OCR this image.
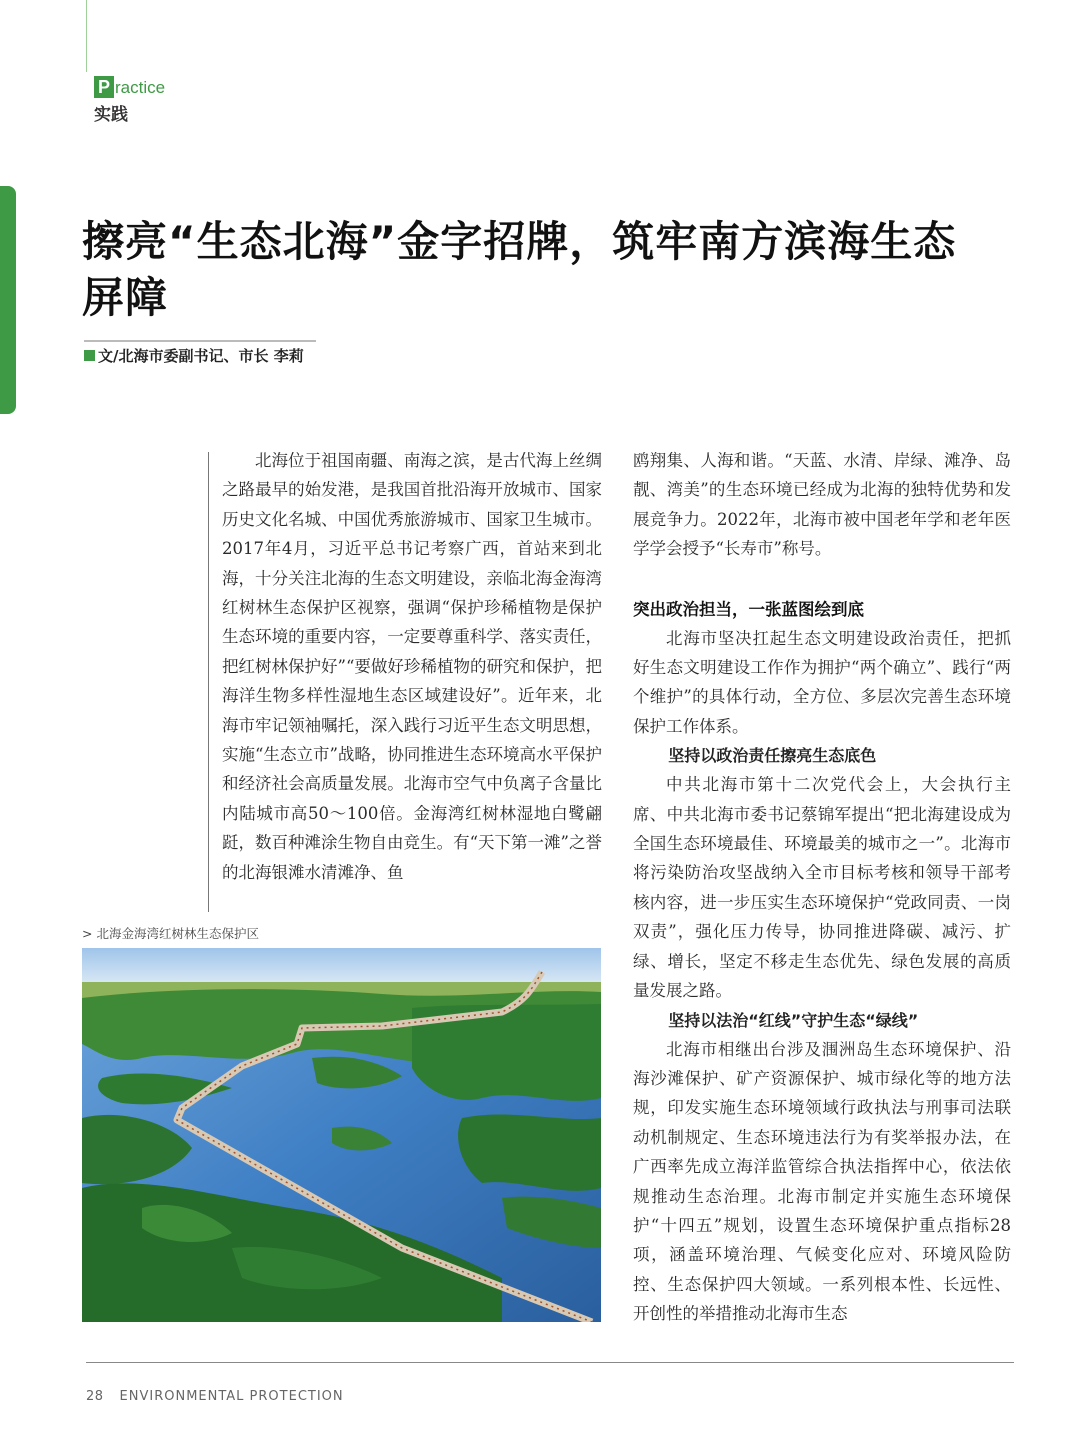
P ractice
实践
擦亮“生态北海”金字招牌，筑牢南方滨海生态屏障
文/北海市委副书记、市长 李莉

北海位于祖国南疆、南海之滨，是古代海上丝绸之路最早的始发港，是我国首批沿海开放城市、国家历史文化名城、中国优秀旅游城市、国家卫生城市。2017年4月，习近平总书记考察广西，首站来到北海，十分关注北海的生态文明建设，亲临北海金海湾红树林生态保护区视察，强调“保护珍稀植物是保护生态环境的重要内容，一定要尊重科学、落实责任，把红树林保护好”“要做好珍稀植物的研究和保护，把海洋生物多样性湿地生态区域建设好”。近年来，北海市牢记领袖嘱托，深入践行习近平生态文明思想，实施“生态立市”战略，协同推进生态环境高水平保护和经济社会高质量发展。北海市空气中负离子含量比内陆城市高50～100倍。金海湾红树林湿地白鹭翩跹，数百种滩涂生物自由竞生。有“天下第一滩”之誉的北海银滩水清滩净、鱼

鸥翔集、人海和谐。“天蓝、水清、岸绿、滩净、岛靓、湾美”的生态环境已经成为北海的独特优势和发展竞争力。2022年，北海市被中国老年学和老年医学学会授予“长寿市”称号。

突出政治担当，一张蓝图绘到底

北海市坚决扛起生态文明建设政治责任，把抓好生态文明建设工作作为拥护“两个确立”、践行“两个维护”的具体行动，全方位、多层次完善生态环境保护工作体系。

坚持以政治责任擦亮生态底色

中共北海市第十二次党代会上，大会执行主席、中共北海市委书记蔡锦军提出“把北海建设成为全国生态环境最佳、环境最美的城市之一”。北海市将污染防治攻坚战纳入全市目标考核和领导干部考核内容，进一步压实生态环境保护“党政同责、一岗双责”，强化压力传导，协同推进降碳、减污、扩绿、增长，坚定不移走生态优先、绿色发展的高质量发展之路。

坚持以法治“红线”守护生态“绿线”

北海市相继出台涉及涠洲岛生态环境保护、沿海沙滩保护、矿产资源保护、城市绿化等的地方法规，印发实施生态环境领域行政执法与刑事司法联动机制规定、生态环境违法行为有奖举报办法，在广西率先成立海洋监管综合执法指挥中心，依法依规推动生态治理。北海市制定并实施生态环境保护“十四五”规划，设置生态环境保护重点指标28项，涵盖环境治理、气候变化应对、环境风险防控、生态保护四大领域。一系列根本性、长远性、开创性的举措推动北海市生态

> 北海金海湾红树林生态保护区
28 ENVIRONMENTAL PROTECTION
